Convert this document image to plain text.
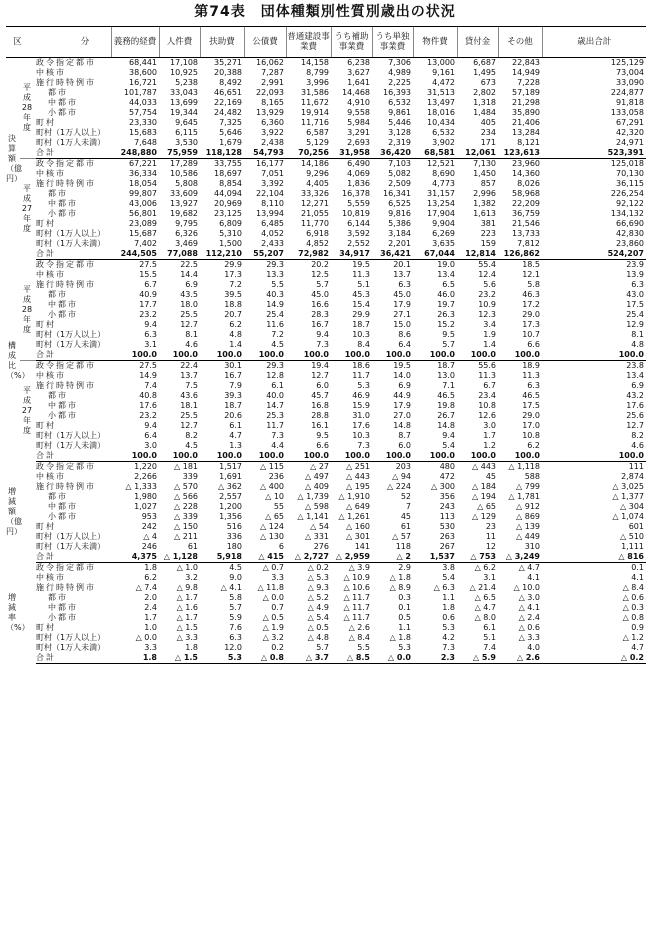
第74表　団体種類別性質別歳出の状況
区　　分			義務的経費	人件費	扶助費	公債費	普通建設事業費	うち補助事業費	うち単独事業費	物件費	貸付金	その他	歳出合計
決算額（億円）	平成28年度	政令指定都市	68,441	17,108	35,271	16,062	14,158	6,238	7,306	13,000	6,687	22,843	125,129
		中核市	38,600	10,925	20,388	7,287	8,799	3,627	4,989	9,161	1,495	14,949	73,004
		施行時特例市	16,721	5,238	8,492	2,991	3,996	1,641	2,225	4,472	673	7,228	33,090
		都市	101,787	33,043	46,651	22,093	31,586	14,468	16,393	31,513	2,802	57,189	224,877
		中都市	44,033	13,699	22,169	8,165	11,672	4,910	6,532	13,497	1,318	21,298	91,818
		小都市	57,754	19,344	24,482	13,929	19,914	9,558	9,861	18,016	1,484	35,890	133,058
		町村	23,330	9,645	7,325	6,360	11,716	5,984	5,446	10,434	405	21,406	67,291
		町村（1万人以上）	15,683	6,115	5,646	3,922	6,587	3,291	3,128	6,532	234	13,284	42,320
		町村（1万人未満）	7,648	3,530	1,679	2,438	5,129	2,693	2,319	3,902	171	8,121	24,971
		合計	248,880	75,959	118,128	54,793	70,256	31,958	36,420	68,581	12,061	123,613	523,391
	平成27年度	政令指定都市	67,221	17,289	33,755	16,177	14,186	6,490	7,103	12,521	7,130	23,960	125,018
		中核市	36,334	10,586	18,697	7,051	9,296	4,069	5,082	8,690	1,450	14,360	70,130
		施行時特例市	18,054	5,808	8,854	3,392	4,405	1,836	2,509	4,773	857	8,026	36,115
		都市	99,807	33,609	44,094	22,104	33,326	16,378	16,341	31,157	2,996	58,968	226,254
		中都市	43,006	13,927	20,969	8,110	12,271	5,559	6,525	13,254	1,382	22,209	92,122
		小都市	56,801	19,682	23,125	13,994	21,055	10,819	9,816	17,904	1,613	36,759	134,132
		町村	23,089	9,795	6,809	6,485	11,770	6,144	5,386	9,904	381	21,546	66,690
		町村（1万人以上）	15,687	6,326	5,310	4,052	6,918	3,592	3,184	6,269	223	13,733	42,830
		町村（1万人未満）	7,402	3,469	1,500	2,433	4,852	2,552	2,201	3,635	159	7,812	23,860
		合計	244,505	77,088	112,210	55,207	72,982	34,917	36,421	67,044	12,814	126,862	524,207
構成比（%）	平成28年度	政令指定都市	27.5	22.5	29.9	29.3	20.2	19.5	20.1	19.0	55.4	18.5	23.9
		中核市	15.5	14.4	17.3	13.3	12.5	11.3	13.7	13.4	12.4	12.1	13.9
		施行時特例市	6.7	6.9	7.2	5.5	5.7	5.1	6.3	6.5	5.6	5.8	6.3
		都市	40.9	43.5	39.5	40.3	45.0	45.3	45.0	46.0	23.2	46.3	43.0
		中都市	17.7	18.0	18.8	14.9	16.6	15.4	17.9	19.7	10.9	17.2	17.5
		小都市	23.2	25.5	20.7	25.4	28.3	29.9	27.1	26.3	12.3	29.0	25.4
		町村	9.4	12.7	6.2	11.6	16.7	18.7	15.0	15.2	3.4	17.3	12.9
		町村（1万人以上）	6.3	8.1	4.8	7.2	9.4	10.3	8.6	9.5	1.9	10.7	8.1
		町村（1万人未満）	3.1	4.6	1.4	4.5	7.3	8.4	6.4	5.7	1.4	6.6	4.8
		合計	100.0	100.0	100.0	100.0	100.0	100.0	100.0	100.0	100.0	100.0	100.0
	平成27年度	政令指定都市	27.5	22.4	30.1	29.3	19.4	18.6	19.5	18.7	55.6	18.9	23.8
		中核市	14.9	13.7	16.7	12.8	12.7	11.7	14.0	13.0	11.3	11.3	13.4
		施行時特例市	7.4	7.5	7.9	6.1	6.0	5.3	6.9	7.1	6.7	6.3	6.9
		都市	40.8	43.6	39.3	40.0	45.7	46.9	44.9	46.5	23.4	46.5	43.2
		中都市	17.6	18.1	18.7	14.7	16.8	15.9	17.9	19.8	10.8	17.5	17.6
		小都市	23.2	25.5	20.6	25.3	28.8	31.0	27.0	26.7	12.6	29.0	25.6
		町村	9.4	12.7	6.1	11.7	16.1	17.6	14.8	14.8	3.0	17.0	12.7
		町村（1万人以上）	6.4	8.2	4.7	7.3	9.5	10.3	8.7	9.4	1.7	10.8	8.2
		町村（1万人未満）	3.0	4.5	1.3	4.4	6.6	7.3	6.0	5.4	1.2	6.2	4.6
		合計	100.0	100.0	100.0	100.0	100.0	100.0	100.0	100.0	100.0	100.0	100.0
増減額（億円）		政令指定都市	1,220	△ 181	1,517	△ 115	△ 27	△ 251	203	480	△ 443	△ 1,118	111
		中核市	2,266	339	1,691	236	△ 497	△ 443	△ 94	472	45	588	2,874
		施行時特例市	△ 1,333	△ 570	△ 362	△ 400	△ 409	△ 195	△ 224	△ 300	△ 184	△ 799	△ 3,025
		都市	1,980	△ 566	2,557	△ 10	△ 1,739	△ 1,910	52	356	△ 194	△ 1,781	△ 1,377
		中都市	1,027	△ 228	1,200	55	△ 598	△ 649	7	243	△ 65	△ 912	△ 304
		小都市	953	△ 339	1,356	△ 65	△ 1,141	△ 1,261	45	113	△ 129	△ 869	△ 1,074
		町村	242	△ 150	516	△ 124	△ 54	△ 160	61	530	23	△ 139	601
		町村（1万人以上）	△ 4	△ 211	336	△ 130	△ 331	△ 301	△ 57	263	11	△ 449	△ 510
		町村（1万人未満）	246	61	180	6	276	141	118	267	12	310	1,111
		合計	4,375	△ 1,128	5,918	△ 415	△ 2,727	△ 2,959	△ 2	1,537	△ 753	△ 3,249	△ 816
増減率（%）		政令指定都市	1.8	△ 1.0	4.5	△ 0.7	△ 0.2	△ 3.9	2.9	3.8	△ 6.2	△ 4.7	0.1
		中核市	6.2	3.2	9.0	3.3	△ 5.3	△ 10.9	△ 1.8	5.4	3.1	4.1	4.1
		施行時特例市	△ 7.4	△ 9.8	△ 4.1	△ 11.8	△ 9.3	△ 10.6	△ 8.9	△ 6.3	△ 21.4	△ 10.0	△ 8.4
		都市	2.0	△ 1.7	5.8	△ 0.0	△ 5.2	△ 11.7	0.3	1.1	△ 6.5	△ 3.0	△ 0.6
		中都市	2.4	△ 1.6	5.7	0.7	△ 4.9	△ 11.7	0.1	1.8	△ 4.7	△ 4.1	△ 0.3
		小都市	1.7	△ 1.7	5.9	△ 0.5	△ 5.4	△ 11.7	0.5	0.6	△ 8.0	△ 2.4	△ 0.8
		町村	1.0	△ 1.5	7.6	△ 1.9	△ 0.5	△ 2.6	1.1	5.3	6.1	△ 0.6	0.9
		町村（1万人以上）	△ 0.0	△ 3.3	6.3	△ 3.2	△ 4.8	△ 8.4	△ 1.8	4.2	5.1	△ 3.3	△ 1.2
		町村（1万人未満）	3.3	1.8	12.0	0.2	5.7	5.5	5.3	7.3	7.4	4.0	4.7
		合計	1.8	△ 1.5	5.3	△ 0.8	△ 3.7	△ 8.5	△ 0.0	2.3	△ 5.9	△ 2.6	△ 0.2
